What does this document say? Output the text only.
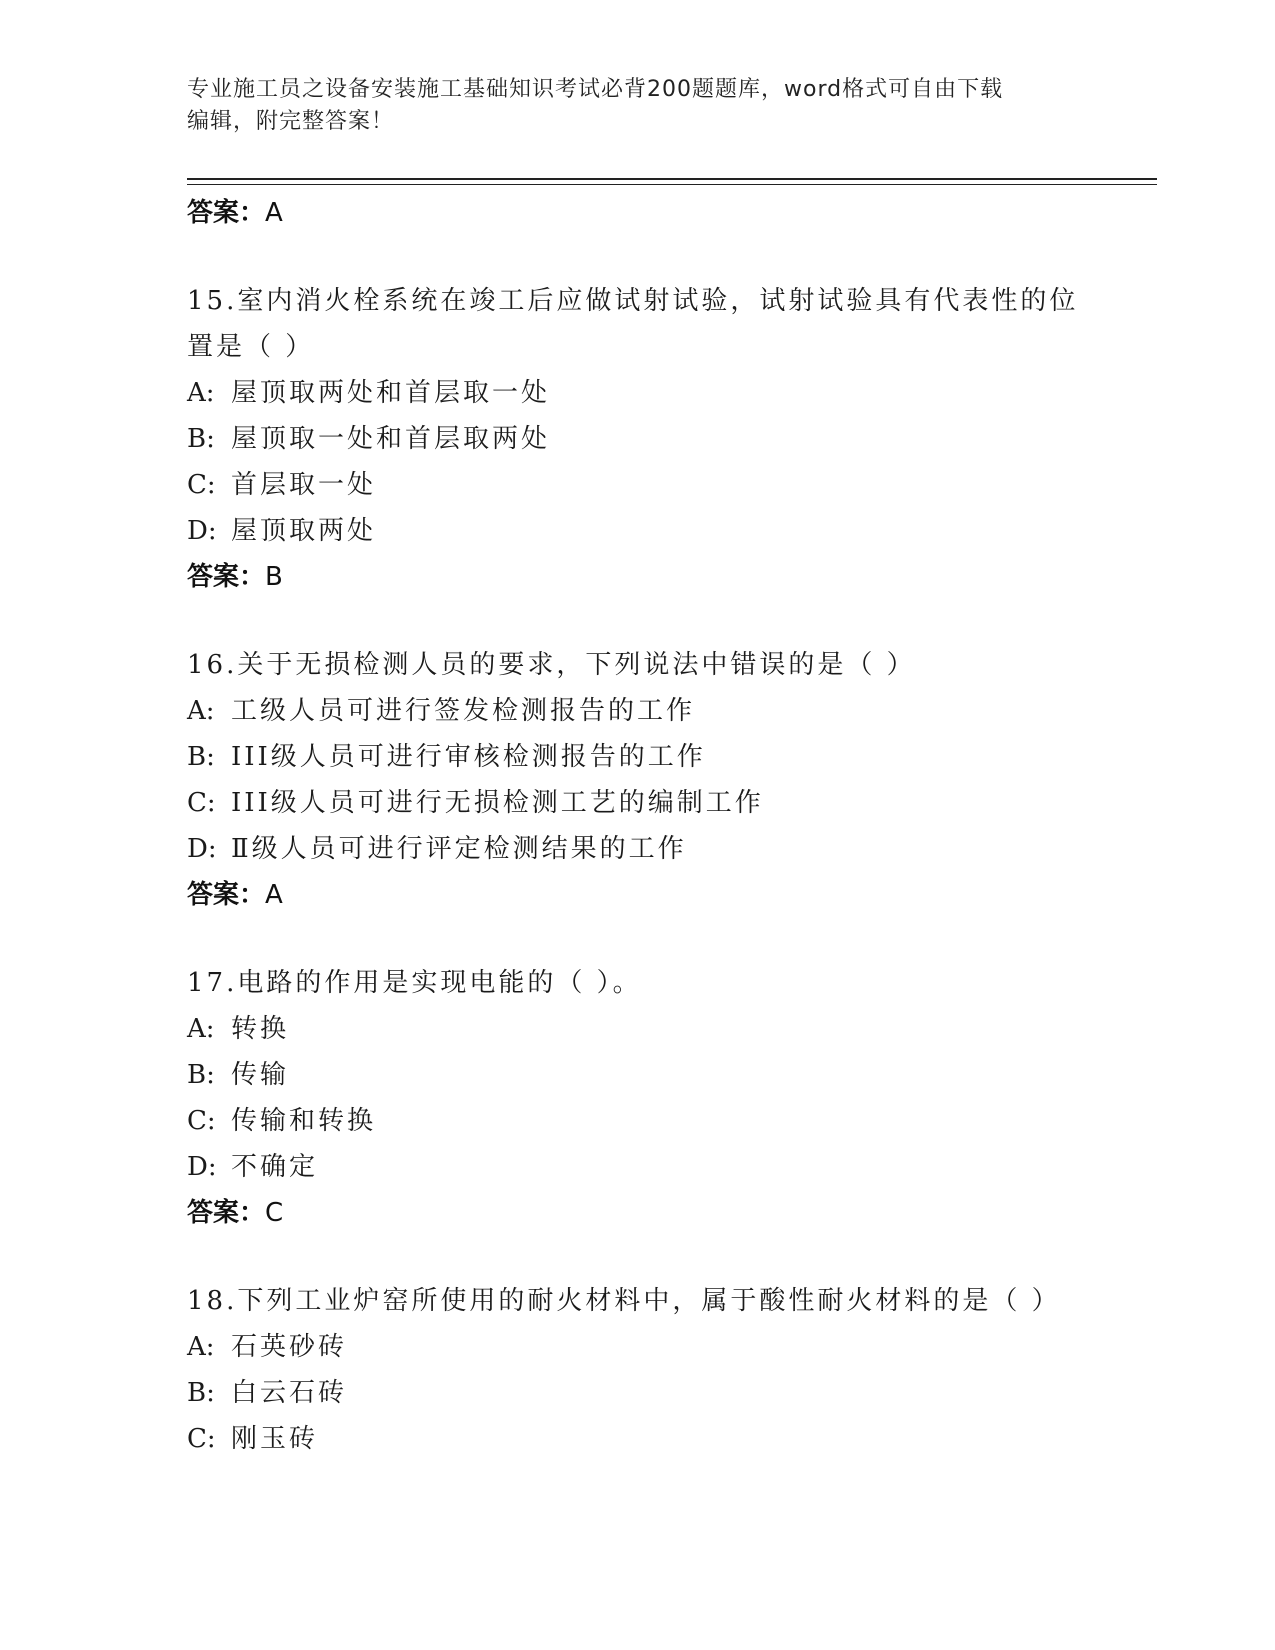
专业施工员之设备安装施工基础知识考试必背200题题库，word格式可自由下载
编辑，附完整答案！

答案：A

15.室内消火栓系统在竣工后应做试射试验，试射试验具有代表性的位

置是（ ）

A: 屋顶取两处和首层取一处

B: 屋顶取一处和首层取两处

C: 首层取一处

D: 屋顶取两处

答案：B

16.关于无损检测人员的要求，下列说法中错误的是（ ）

A: 工级人员可进行签发检测报告的工作

B: III级人员可进行审核检测报告的工作

C: III级人员可进行无损检测工艺的编制工作

D: Ⅱ级人员可进行评定检测结果的工作

答案：A

17.电路的作用是实现电能的（ ）。

A: 转换

B: 传输

C: 传输和转换

D: 不确定

答案：C

18.下列工业炉窑所使用的耐火材料中，属于酸性耐火材料的是（ ）

A: 石英砂砖

B: 白云石砖

C: 刚玉砖
